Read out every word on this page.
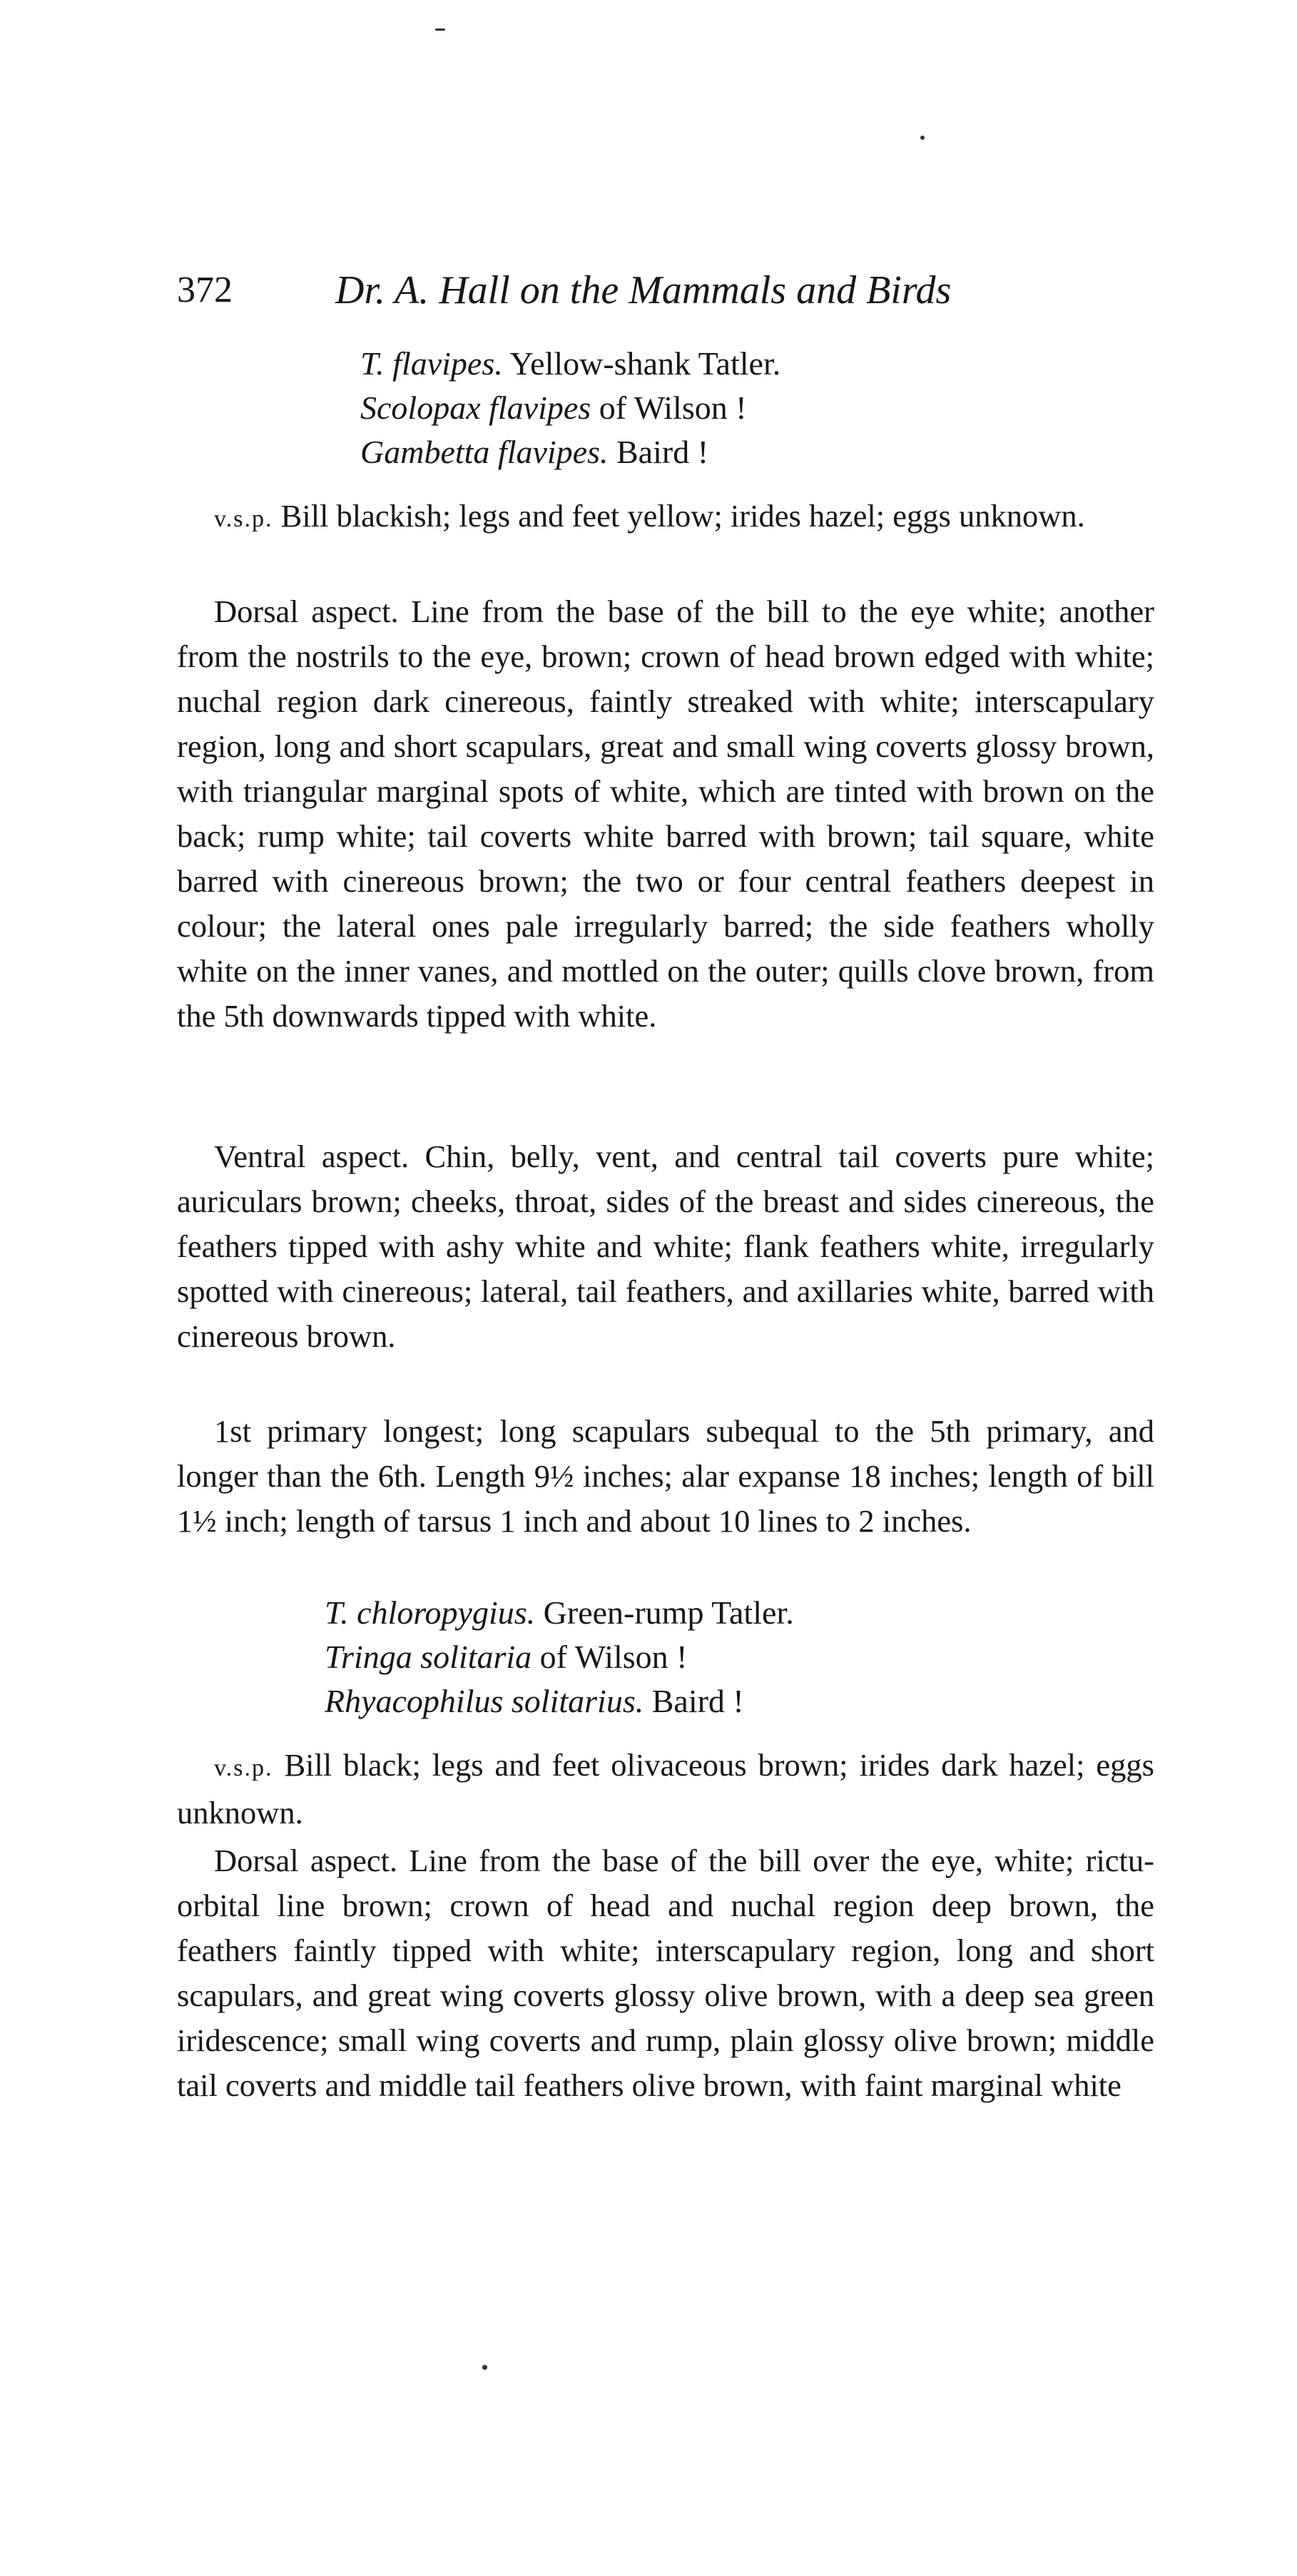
372	Dr. A. Hall on the Mammals and Birds
T. flavipes. Yellow-shank Tatler.
Scolopax flavipes of Wilson !
Gambetta flavipes. Baird !

v.s.p. Bill blackish; legs and feet yellow; irides hazel; eggs unknown.

Dorsal aspect. Line from the base of the bill to the eye white; another from the nostrils to the eye, brown; crown of head brown edged with white; nuchal region dark cinereous, faintly streaked with white; interscapulary region, long and short scapulars, great and small wing coverts glossy brown, with triangular marginal spots of white, which are tinted with brown on the back; rump white; tail coverts white barred with brown; tail square, white barred with cinereous brown; the two or four central feathers deepest in colour; the lateral ones pale irregularly barred; the side feathers wholly white on the inner vanes, and mottled on the outer; quills clove brown, from the 5th downwards tipped with white.

Ventral aspect. Chin, belly, vent, and central tail coverts pure white; auriculars brown; cheeks, throat, sides of the breast and sides cinereous, the feathers tipped with ashy white and white; flank feathers white, irregularly spotted with cinereous; lateral, tail feathers, and axillaries white, barred with cinereous brown.

1st primary longest; long scapulars subequal to the 5th primary, and longer than the 6th. Length 9½ inches; alar expanse 18 inches; length of bill 1½ inch; length of tarsus 1 inch and about 10 lines to 2 inches.

T. chloropygius. Green-rump Tatler.
Tringa solitaria of Wilson !
Rhyacophilus solitarius. Baird !

v.s.p. Bill black; legs and feet olivaceous brown; irides dark hazel; eggs unknown.

Dorsal aspect. Line from the base of the bill over the eye, white; rictu-orbital line brown; crown of head and nuchal region deep brown, the feathers faintly tipped with white; interscapulary region, long and short scapulars, and great wing coverts glossy olive brown, with a deep sea green iridescence; small wing coverts and rump, plain glossy olive brown; middle tail coverts and middle tail feathers olive brown, with faint marginal white
